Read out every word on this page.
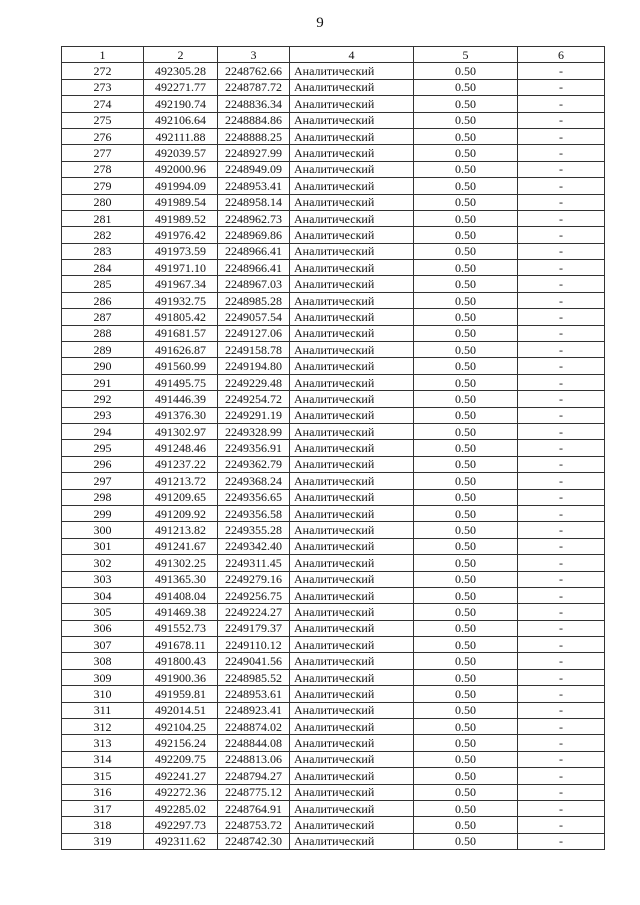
9
1	2	3	4	5	6
272	492305.28	2248762.66	Аналитический	0.50	-
273	492271.77	2248787.72	Аналитический	0.50	-
274	492190.74	2248836.34	Аналитический	0.50	-
275	492106.64	2248884.86	Аналитический	0.50	-
276	492111.88	2248888.25	Аналитический	0.50	-
277	492039.57	2248927.99	Аналитический	0.50	-
278	492000.96	2248949.09	Аналитический	0.50	-
279	491994.09	2248953.41	Аналитический	0.50	-
280	491989.54	2248958.14	Аналитический	0.50	-
281	491989.52	2248962.73	Аналитический	0.50	-
282	491976.42	2248969.86	Аналитический	0.50	-
283	491973.59	2248966.41	Аналитический	0.50	-
284	491971.10	2248966.41	Аналитический	0.50	-
285	491967.34	2248967.03	Аналитический	0.50	-
286	491932.75	2248985.28	Аналитический	0.50	-
287	491805.42	2249057.54	Аналитический	0.50	-
288	491681.57	2249127.06	Аналитический	0.50	-
289	491626.87	2249158.78	Аналитический	0.50	-
290	491560.99	2249194.80	Аналитический	0.50	-
291	491495.75	2249229.48	Аналитический	0.50	-
292	491446.39	2249254.72	Аналитический	0.50	-
293	491376.30	2249291.19	Аналитический	0.50	-
294	491302.97	2249328.99	Аналитический	0.50	-
295	491248.46	2249356.91	Аналитический	0.50	-
296	491237.22	2249362.79	Аналитический	0.50	-
297	491213.72	2249368.24	Аналитический	0.50	-
298	491209.65	2249356.65	Аналитический	0.50	-
299	491209.92	2249356.58	Аналитический	0.50	-
300	491213.82	2249355.28	Аналитический	0.50	-
301	491241.67	2249342.40	Аналитический	0.50	-
302	491302.25	2249311.45	Аналитический	0.50	-
303	491365.30	2249279.16	Аналитический	0.50	-
304	491408.04	2249256.75	Аналитический	0.50	-
305	491469.38	2249224.27	Аналитический	0.50	-
306	491552.73	2249179.37	Аналитический	0.50	-
307	491678.11	2249110.12	Аналитический	0.50	-
308	491800.43	2249041.56	Аналитический	0.50	-
309	491900.36	2248985.52	Аналитический	0.50	-
310	491959.81	2248953.61	Аналитический	0.50	-
311	492014.51	2248923.41	Аналитический	0.50	-
312	492104.25	2248874.02	Аналитический	0.50	-
313	492156.24	2248844.08	Аналитический	0.50	-
314	492209.75	2248813.06	Аналитический	0.50	-
315	492241.27	2248794.27	Аналитический	0.50	-
316	492272.36	2248775.12	Аналитический	0.50	-
317	492285.02	2248764.91	Аналитический	0.50	-
318	492297.73	2248753.72	Аналитический	0.50	-
319	492311.62	2248742.30	Аналитический	0.50	-
